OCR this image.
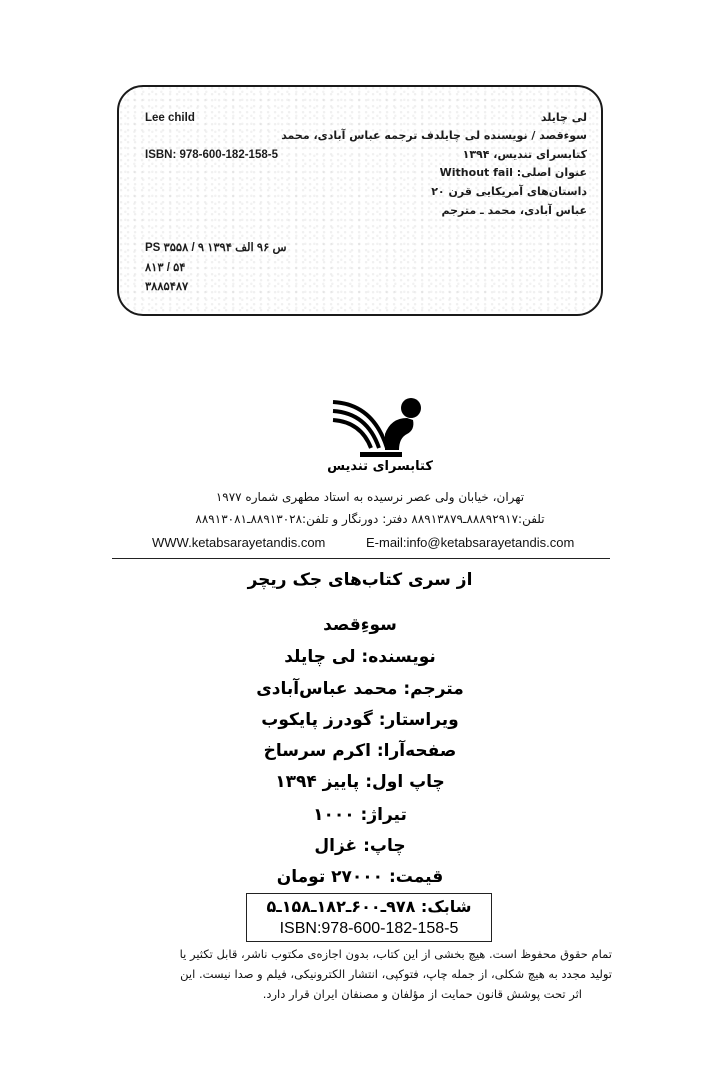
لی چایلد
سوءقصد / نویسنده لی چایلدف ترجمه عباس آبادی، محمد
کتابسرای تندیس، ۱۳۹۴
عنوان اصلی: Without fail
داستان‌های آمریکایی قرن ۲۰
عباس آبادی، محمد ـ مترجم
Lee child
ISBN: 978-600-182-158-5
PS ۳۵۵۸ / ۹ س ۹۶ الف ۱۳۹۴
۸۱۳ / ۵۴
۳۸۸۵۴۸۷
کتابسرای تندیس
تهران، خیابان ولی عصر نرسیده به استاد مطهری شماره ۱۹۷۷
تلفن:۸۸۸۹۲۹۱۷ـ۸۸۹۱۳۸۷۹ دفتر: دورنگار و تلفن:۸۸۹۱۳۰۲۸ـ۸۸۹۱۳۰۸۱
WWW.ketabsarayetandis.com	E-mail:info@ketabsarayetandis.com
از سری کتاب‌های جک ریچر
سوءِقصد
نویسنده: لی چایلد
مترجم: محمد عباس‌آبادی
ویراستار: گودرز پایکوب
صفحه‌آرا: اکرم سرساخ
چاپ اول: پاییز ۱۳۹۴
تیراژ: ۱۰۰۰
چاپ: غزال
قیمت: ۲۷۰۰۰ تومان
شابک: ۹۷۸ـ۶۰۰ـ۱۸۲ـ۱۵۸ـ۵
ISBN:978-600-182-158-5
تمام حقوق محفوظ است. هیچ بخشی از این کتاب، بدون اجازه‌ی مکتوب ناشر، قابل تکثیر یا
تولید مجدد به هیچ شکلی، از جمله چاپ، فتوکپی، انتشار الکترونیکی، فیلم و صدا نیست. این
اثر تحت پوشش قانون حمایت از مؤلفان و مصنفان ایران قرار دارد.
